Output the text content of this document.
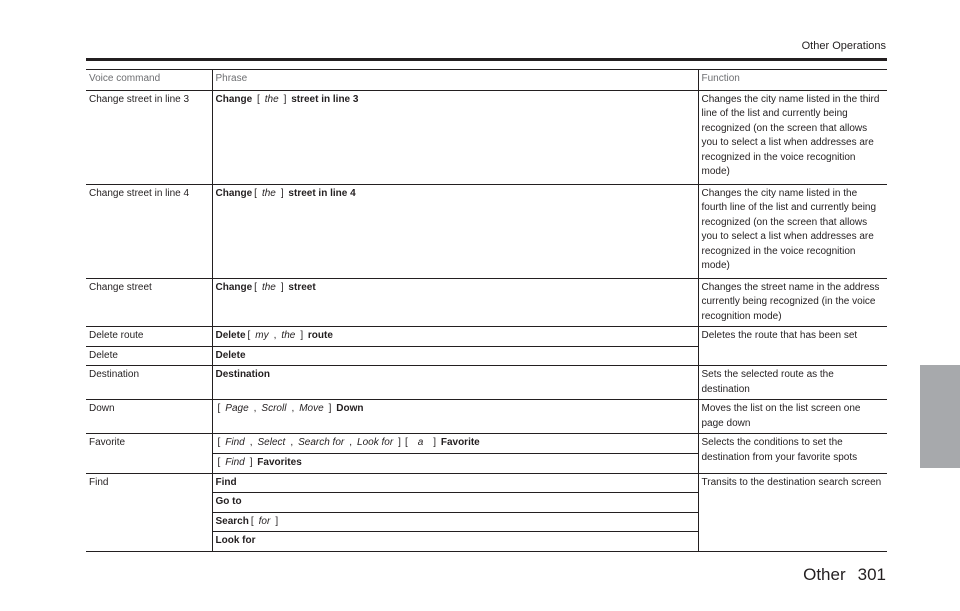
Other Operations
Voice command	Phrase	Function
Change street in line 3	Change [ the ] street in line 3	Changes the city name listed in the third line of the list and currently being recognized (on the screen that allows you to select a list when addresses are recognized in the voice recognition mode)
Change street in line 4	Change [ the ] street in line 4	Changes the city name listed in the fourth line of the list and currently being recognized (on the screen that allows you to select a list when addresses are recognized in the voice recognition mode)
Change street	Change [ the ] street	Changes the street name in the address currently being recognized (in the voice recognition mode)
Delete route	Delete [ my , the ] route	Deletes the route that has been set
Delete	Delete	
Destination	Destination	Sets the selected route as the destination
Down	[ Page , Scroll , Move ] Down	Moves the list on the list screen one page down
Favorite	[ Find , Select , Search for , Look for ] [ a ] Favorite	Selects the conditions to set the destination from your favorite spots
	[ Find ] Favorites	
Find	Find	Transits to the destination search screen
	Go to	
	Search [ for ]	
	Look for	
Other 301
